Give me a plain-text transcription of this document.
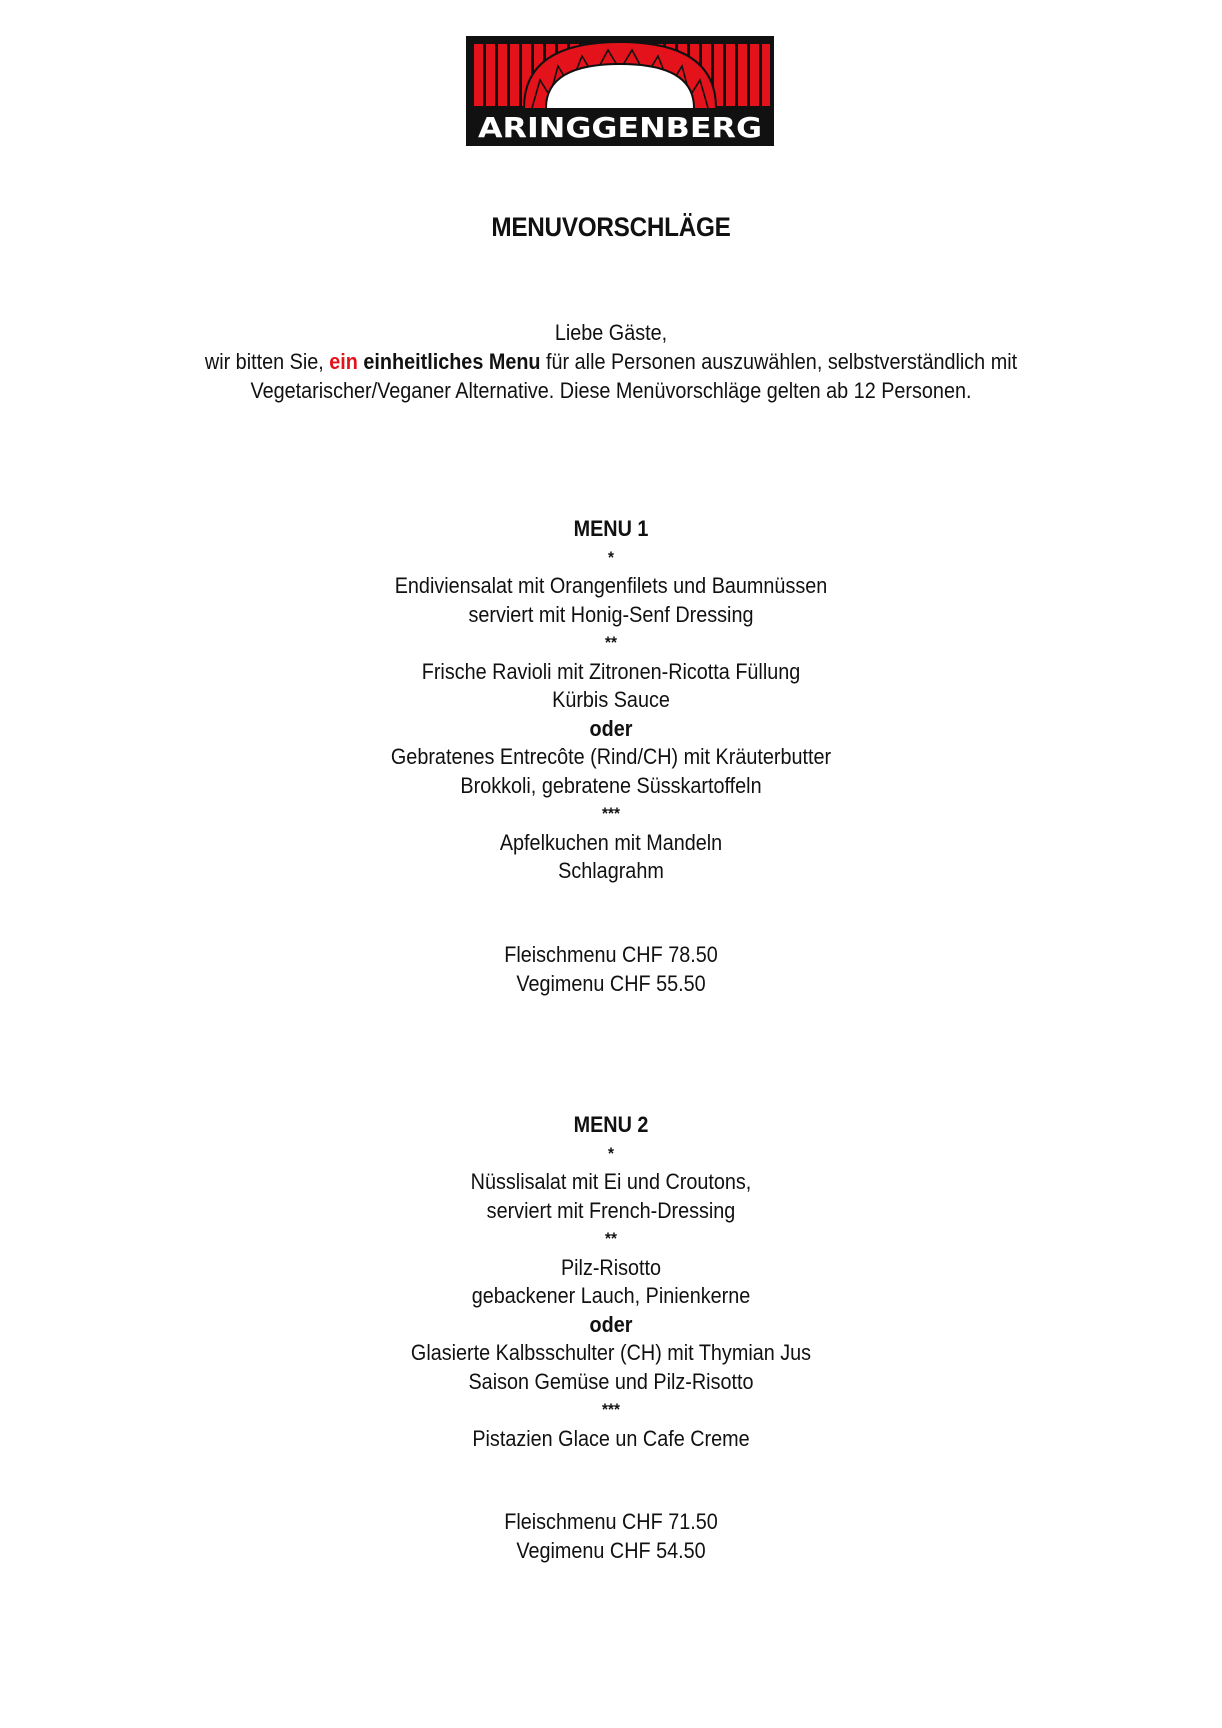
ARINGGENBERG
MENUVORSCHLÄGE
Liebe Gäste,
wir bitten Sie, ein einheitliches Menu für alle Personen auszuwählen, selbstverständlich mit
Vegetarischer/Veganer Alternative. Diese Menüvorschläge gelten ab 12 Personen.
MENU 1
*
Endiviensalat mit Orangenfilets und Baumnüssen
serviert mit Honig-Senf Dressing
**
Frische Ravioli mit Zitronen-Ricotta Füllung
Kürbis Sauce
oder
Gebratenes Entrecôte (Rind/CH) mit Kräuterbutter
Brokkoli, gebratene Süsskartoffeln
***
Apfelkuchen mit Mandeln
Schlagrahm
Fleischmenu CHF 78.50
Vegimenu CHF 55.50
MENU 2
*
Nüsslisalat mit Ei und Croutons,
serviert mit French-Dressing
**
Pilz-Risotto
gebackener Lauch, Pinienkerne
oder
Glasierte Kalbsschulter (CH) mit Thymian Jus
Saison Gemüse und Pilz-Risotto
***
Pistazien Glace un Cafe Creme
Fleischmenu CHF 71.50
Vegimenu CHF 54.50
